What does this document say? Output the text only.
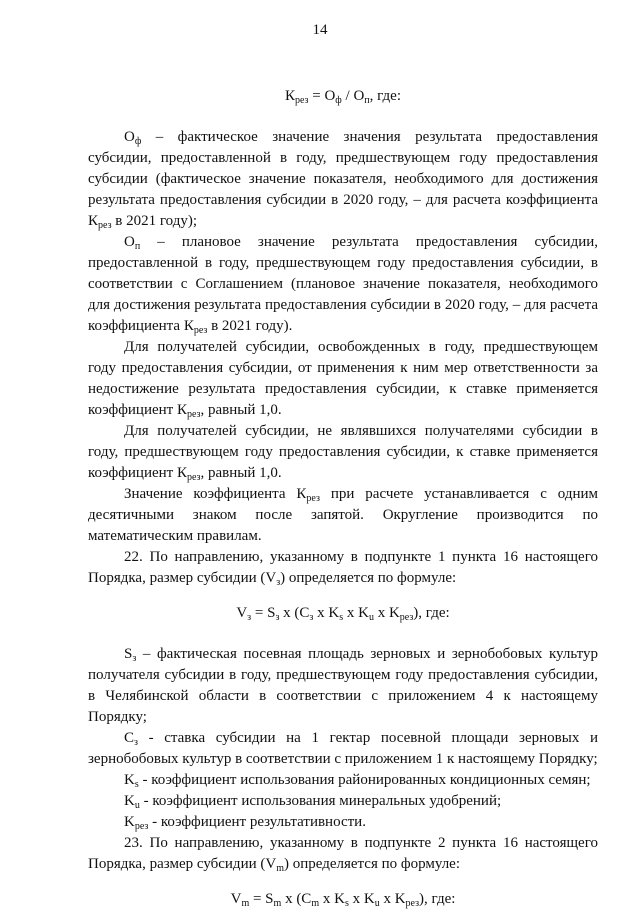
14

$К_{рез} = О_ф / О_п$, где:

$О_ф$ – фактическое значение значения результата предоставления субсидии, предоставленной в году, предшествующем году предоставления субсидии (фактическое значение показателя, необходимого для достижения результата предоставления субсидии в 2020 году, – для расчета коэффициента $К_{рез}$ в 2021 году);

$О_п$ – плановое значение результата предоставления субсидии, предоставленной в году, предшествующем году предоставления субсидии, в соответствии с Соглашением (плановое значение показателя, необходимого для достижения результата предоставления субсидии в 2020 году, – для расчета коэффициента $К_{рез}$ в 2021 году).

Для получателей субсидии, освобожденных в году, предшествующем году предоставления субсидии, от применения к ним мер ответственности за недостижение результата предоставления субсидии, к ставке применяется коэффициент $К_{рез}$, равный 1,0.

Для получателей субсидии, не являвшихся получателями субсидии в году, предшествующем году предоставления субсидии, к ставке применяется коэффициент $К_{рез}$, равный 1,0.

Значение коэффициента $К_{рез}$ при расчете устанавливается с одним десятичными знаком после запятой. Округление производится по математическим правилам.

22. По направлению, указанному в подпункте 1 пункта 16 настоящего Порядка, размер субсидии $(V_з)$ определяется по формуле:

$V_з = S_з$ х ($С_з$ х $K_s$ х $K_u$ х $K_{рез}$), где:

$S_з$ – фактическая посевная площадь зерновых и зернобобовых культур получателя субсидии в году, предшествующем году предоставления субсидии, в Челябинской области в соответствии с приложением 4 к настоящему Порядку;

$С_з$ - ставка субсидии на 1 гектар посевной площади зерновых и зернобобовых культур в соответствии с приложением 1 к настоящему Порядку;

$K_s$ - коэффициент использования районированных кондиционных семян;

$K_u$ - коэффициент использования минеральных удобрений;

$K_{рез}$ - коэффициент результативности.

23. По направлению, указанному в подпункте 2 пункта 16 настоящего Порядка, размер субсидии $(V_m)$ определяется по формуле:

$V_m = S_m$ х ($С_m$ х $K_s$ х $K_u$ х $K_{рез}$), где:
